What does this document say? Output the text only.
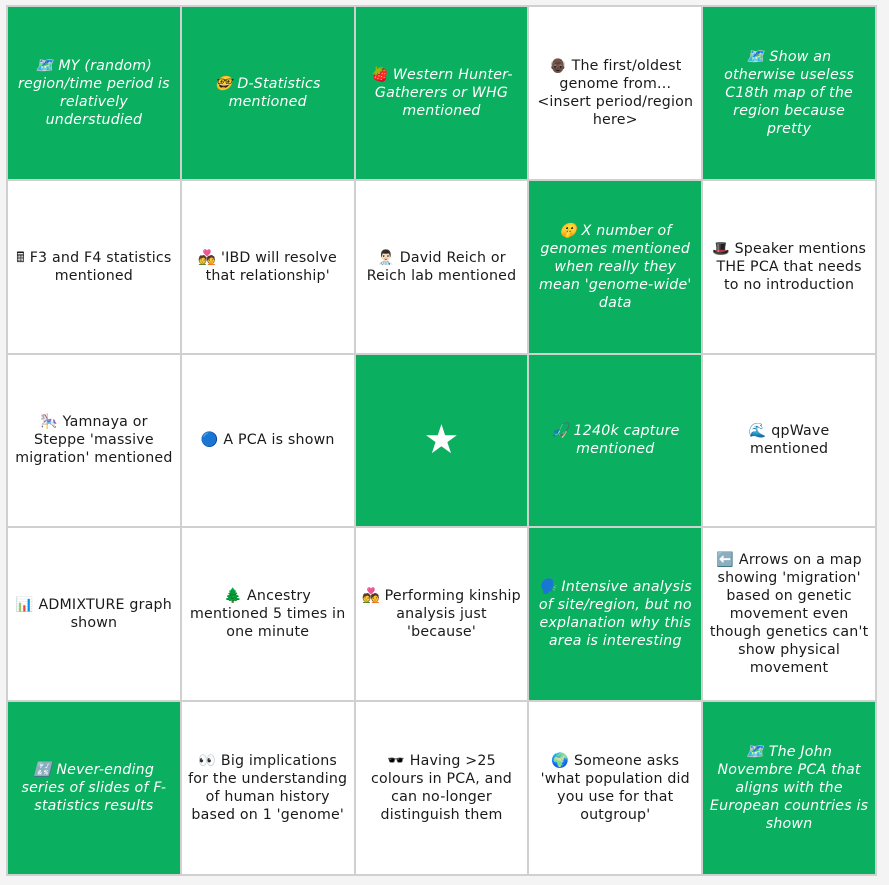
🗺️ MY (random) region/time period is relatively understudied
🤓 D-Statistics mentioned
🍓 Western Hunter-Gatherers or WHG mentioned
👴🏿 The first/oldest genome from...<insert period/region here>
🗺️ Show an otherwise useless C18th map of the region because pretty
🖩 F3 and F4 statistics mentioned
💑 'IBD will resolve that relationship'
👨🏻‍⚕️ David Reich or Reich lab mentioned
🤫 X number of genomes mentioned when really they mean 'genome-wide' data
🎩 Speaker mentions THE PCA that needs to no introduction
🎠 Yamnaya or Steppe 'massive migration' mentioned
🔵 A PCA is shown ★	🎣 1240k capture mentioned
🌊 qpWave mentioned
📊 ADMIXTURE graph shown
🌲 Ancestry mentioned 5 times in one minute
💑 Performing kinship analysis just 'because'
🗣️ Intensive analysis of site/region, but no explanation why this area is interesting
⬅️ Arrows on a map showing 'migration' based on genetic movement even though genetics can't show physical movement
🔣 Never-ending series of slides of F-statistics results
👀 Big implications for the understanding of human history based on 1 'genome'
🕶️ Having >25 colours in PCA, and can no-longer distinguish them
🌍 Someone asks 'what population did you use for that outgroup'
🗺️ The John Novembre PCA that aligns with the European countries is shown
